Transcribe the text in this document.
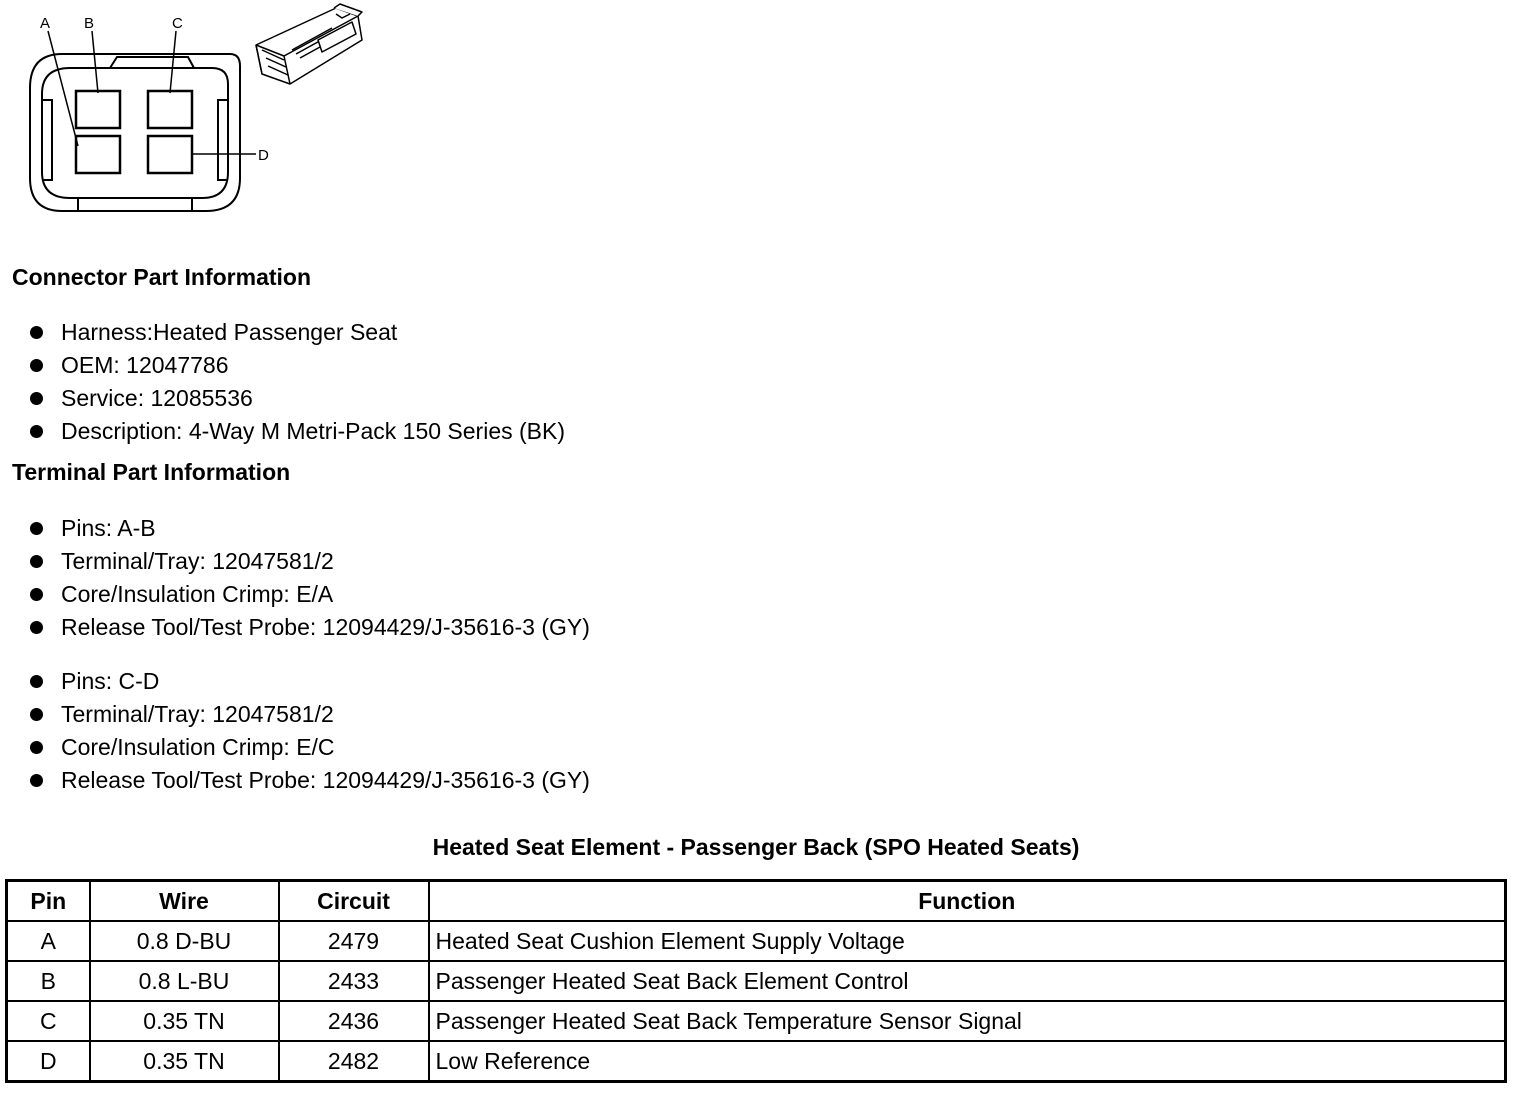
A B	C
D
Connector Part Information
Harness:Heated Passenger Seat
OEM: 12047786
Service: 12085536
Description: 4-Way M Metri-Pack 150 Series (BK)
Terminal Part Information
Pins: A-B
Terminal/Tray: 12047581/2
Core/Insulation Crimp: E/A
Release Tool/Test Probe: 12094429/J-35616-3 (GY)
Pins: C-D
Terminal/Tray: 12047581/2
Core/Insulation Crimp: E/C
Release Tool/Test Probe: 12094429/J-35616-3 (GY)
Heated Seat Element - Passenger Back (SPO Heated Seats)
Pin	Wire	Circuit	Function
A	0.8 D-BU	2479	Heated Seat Cushion Element Supply Voltage
B	0.8 L-BU	2433	Passenger Heated Seat Back Element Control
C	0.35 TN	2436	Passenger Heated Seat Back Temperature Sensor Signal
D	0.35 TN	2482	Low Reference
